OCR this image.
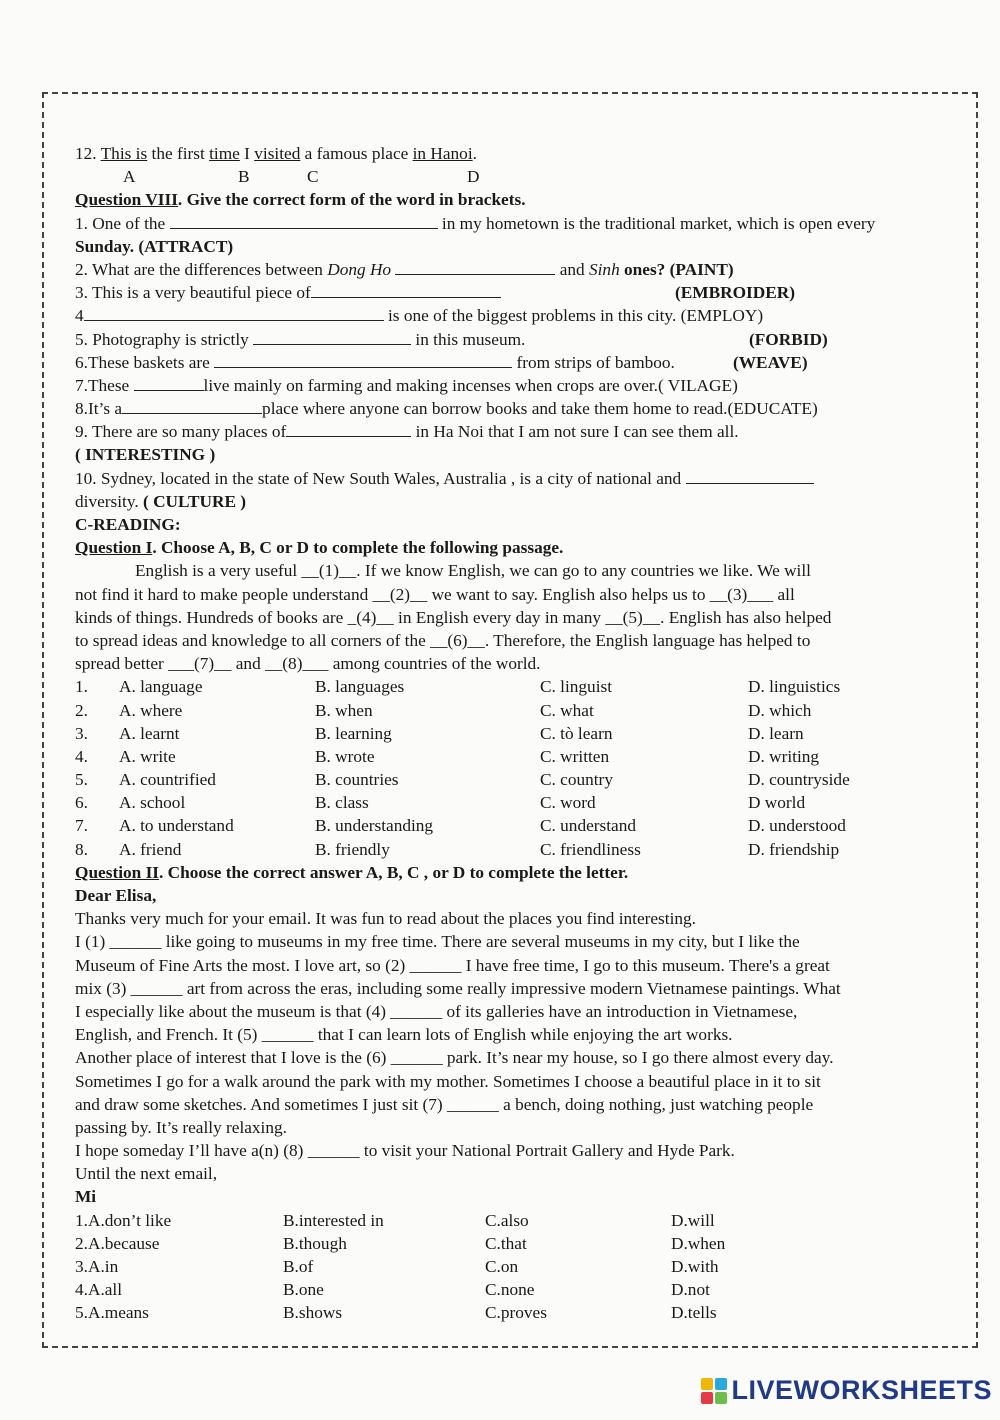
12. This is the first time I visited a famous place in Hanoi.
A	B	C	D
Question VIII. Give the correct form of the word in brackets.
1. One of the	in my hometown is the traditional market, which is open every
Sunday. (ATTRACT)
2. What are the differences between Dong Ho	and Sinh ones? (PAINT)
3. This is a very beautiful piece of	(EMBROIDER)
4	is one of the biggest problems in this city. (EMPLOY)
5. Photography is strictly	in this museum.	(FORBID)
6.These baskets are	from strips of bamboo.	(WEAVE)
7.These	live mainly on farming and making incenses when crops are over.( VILAGE)
8.It’s a	place where anyone can borrow books and take them home to read.(EDUCATE)
9. There are so many places of	in Ha Noi that I am not sure I can see them all.
( INTERESTING )
10. Sydney, located in the state of New South Wales, Australia , is a city of national and
diversity. ( CULTURE )
C-READING:
Question I. Choose A, B, C or D to complete the following passage.
English is a very useful __(1)__. If we know English, we can go to any countries we like. We will
not find it hard to make people understand __(2)__ we want to say. English also helps us to __(3)___ all
kinds of things. Hundreds of books are _(4)__ in English every day in many __(5)__. English has also helped
to spread ideas and knowledge to all corners of the __(6)__. Therefore, the English language has helped to
spread better ___(7)__ and __(8)___ among countries of the world.
1. A. language	B. languages	C. linguist	D. linguistics
2. A. where	B. when	C. what	D. which
3. A. learnt	B. learning	C. tò learn	D. learn
4. A. write	B. wrote	C. written	D. writing
5. A. countrified	B. countries	C. country	D. countryside
6. A. school	B. class	C. word	D world
7. A. to understand	B. understanding	C. understand	D. understood
8. A. friend	B. friendly	C. friendliness	D. friendship
Question II. Choose the correct answer A, B, C , or D to complete the letter.
Dear Elisa,
Thanks very much for your email. It was fun to read about the places you find interesting.
I (1) ______ like going to museums in my free time. There are several museums in my city, but I like the
Museum of Fine Arts the most. I love art, so (2) ______ I have free time, I go to this museum. There's a great
mix (3) ______ art from across the eras, including some really impressive modern Vietnamese paintings. What
I especially like about the museum is that (4) ______ of its galleries have an introduction in Vietnamese,
English, and French. It (5) ______ that I can learn lots of English while enjoying the art works.
Another place of interest that I love is the (6) ______ park. It’s near my house, so I go there almost every day.
Sometimes I go for a walk around the park with my mother. Sometimes I choose a beautiful place in it to sit
and draw some sketches. And sometimes I just sit (7) ______ a bench, doing nothing, just watching people
passing by. It’s really relaxing.
I hope someday I’ll have a(n) (8) ______ to visit your National Portrait Gallery and Hyde Park.
Until the next email,
Mi
1.A.don’t like	B.interested in	C.also	D.will
2.A.because	B.though	C.that	D.when
3.A.in	B.of	C.on	D.with
4.A.all	B.one	C.none	D.not
5.A.means	B.shows	C.proves	D.tells
LIVEWORKSHEETS
